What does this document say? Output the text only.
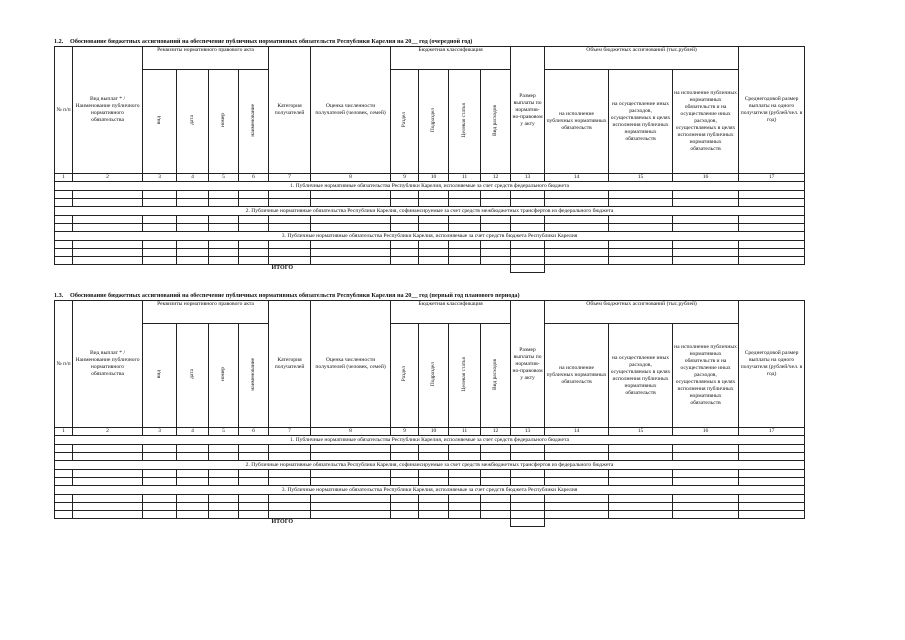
1.2. Обоснование бюджетных ассигнований на обеспечение публичных нормативных обязательств Республики Карелия на 20__ год (очередной год)
№ п/п	Вид выплат * / Наименование публичного нормативного обязательства	Реквизиты нормативного правового акта				Категория получателей	Оценка численности получателей (человек, семей)	Бюджетная классификация				Размер выплаты по норматив-но-правовом у акту	Объем бюджетных ассигнований (тыс.рублей)			Среднегодовой размер выплаты на одного получателя (рублей/чел. в год)
		вид	дата	номер	наименование			Раздел	Подраздел	Целевая статья	Вид расходов		на исполнение публичных нормативных обязательств	на осуществление иных расходов, осуществляемых в целях исполнения публичных нормативных обязательств	на исполнение публичных нормативных обязательств и на осуществление иных расходов, осуществляемых в целях исполнения публичных нормативных обязательств	
1	2	3	4	5	6	7	8	9	10	11	12	13	14	15	16	17
1. Публичные нормативные обязательства Республики Карелия, исполняемые за счет средств федерального бюджета																

2. Публичные нормативные обязательства Республики Карелия, софинансируемые за счет средств межбюджетных трансфертов из федерального бюджета																

3. Публичные нормативные обязательства Республики Карелия, исполняемые за счет средств бюджета Республики Карелия																

ИТОГО																
1.3. Обоснование бюджетных ассигнований на обеспечение публичных нормативных обязательств Республики Карелия на 20__ год (первый год планового периода)
№ п/п	Вид выплат * / Наименование публичного нормативного обязательства	Реквизиты нормативного правового акта				Категория получателей	Оценка численности получателей (человек, семей)	Бюджетная классификация				Размер выплаты по норматив-но-правовом у акту	Объем бюджетных ассигнований (тыс.рублей)			Среднегодовой размер выплаты на одного получателя (рублей/чел. в год)
		вид	дата	номер	наименование			Раздел	Подраздел	Целевая статья	Вид расходов		на исполнение публичных нормативных обязательств	на осуществление иных расходов, осуществляемых в целях исполнения публичных нормативных обязательств	на исполнение публичных нормативных обязательств и на осуществление иных расходов, осуществляемых в целях исполнения публичных нормативных обязательств	
1	2	3	4	5	6	7	8	9	10	11	12	13	14	15	16	17
1. Публичные нормативные обязательства Республики Карелия, исполняемые за счет средств федерального бюджета																

2. Публичные нормативные обязательства Республики Карелия, софинансируемые за счет средств межбюджетных трансфертов из федерального бюджета																

3. Публичные нормативные обязательства Республики Карелия, исполняемые за счет средств бюджета Республики Карелия																

ИТОГО																
